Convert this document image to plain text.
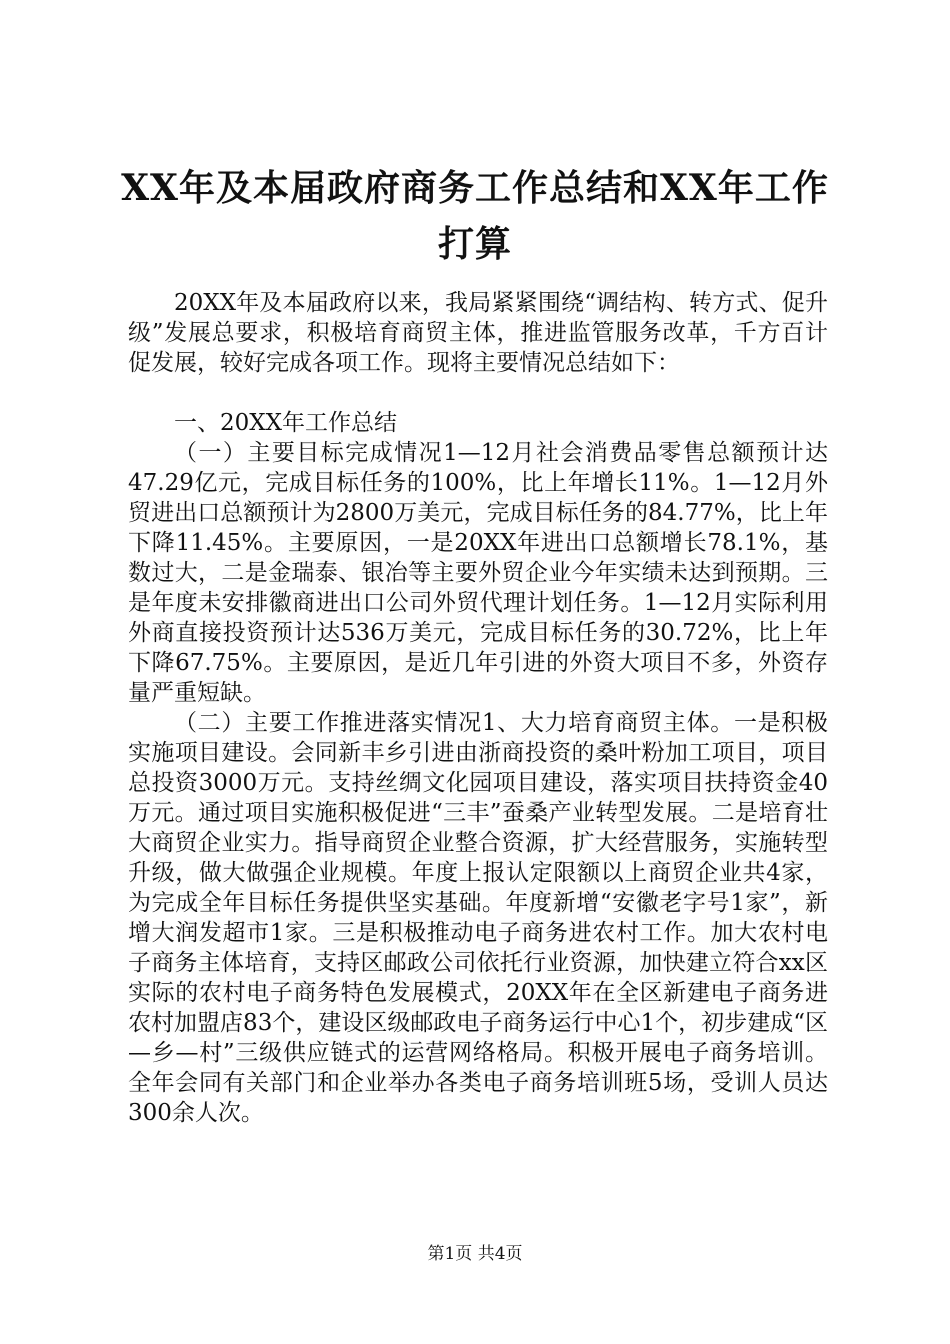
XX年及本届政府商务工作总结和XX年工作打算

20XX年及本届政府以来，我局紧紧围绕“调结构、转方式、促升级”发展总要求，积极培育商贸主体，推进监管服务改革，千方百计促发展，较好完成各项工作。现将主要情况总结如下：

一、20XX年工作总结

（一）主要目标完成情况1—12月社会消费品零售总额预计达47.29亿元，完成目标任务的100%，比上年增长11%。1—12月外贸进出口总额预计为2800万美元，完成目标任务的84.77%，比上年下降11.45%。主要原因，一是20XX年进出口总额增长78.1%，基数过大，二是金瑞泰、银冶等主要外贸企业今年实绩未达到预期。三是年度未安排徽商进出口公司外贸代理计划任务。1—12月实际利用外商直接投资预计达536万美元，完成目标任务的30.72%，比上年下降67.75%。主要原因，是近几年引进的外资大项目不多，外资存量严重短缺。

（二）主要工作推进落实情况1、大力培育商贸主体。一是积极实施项目建设。会同新丰乡引进由浙商投资的桑叶粉加工项目，项目总投资3000万元。支持丝绸文化园项目建设，落实项目扶持资金40万元。通过项目实施积极促进“三丰”蚕桑产业转型发展。二是培育壮大商贸企业实力。指导商贸企业整合资源，扩大经营服务，实施转型升级，做大做强企业规模。年度上报认定限额以上商贸企业共4家，为完成全年目标任务提供坚实基础。年度新增“安徽老字号1家”，新增大润发超市1家。三是积极推动电子商务进农村工作。加大农村电子商务主体培育，支持区邮政公司依托行业资源，加快建立符合xx区实际的农村电子商务特色发展模式，20XX年在全区新建电子商务进农村加盟店83个，建设区级邮政电子商务运行中心1个，初步建成“区—乡—村”三级供应链式的运营网络格局。积极开展电子商务培训。全年会同有关部门和企业举办各类电子商务培训班5场，受训人员达300余人次。

第1页 共4页
